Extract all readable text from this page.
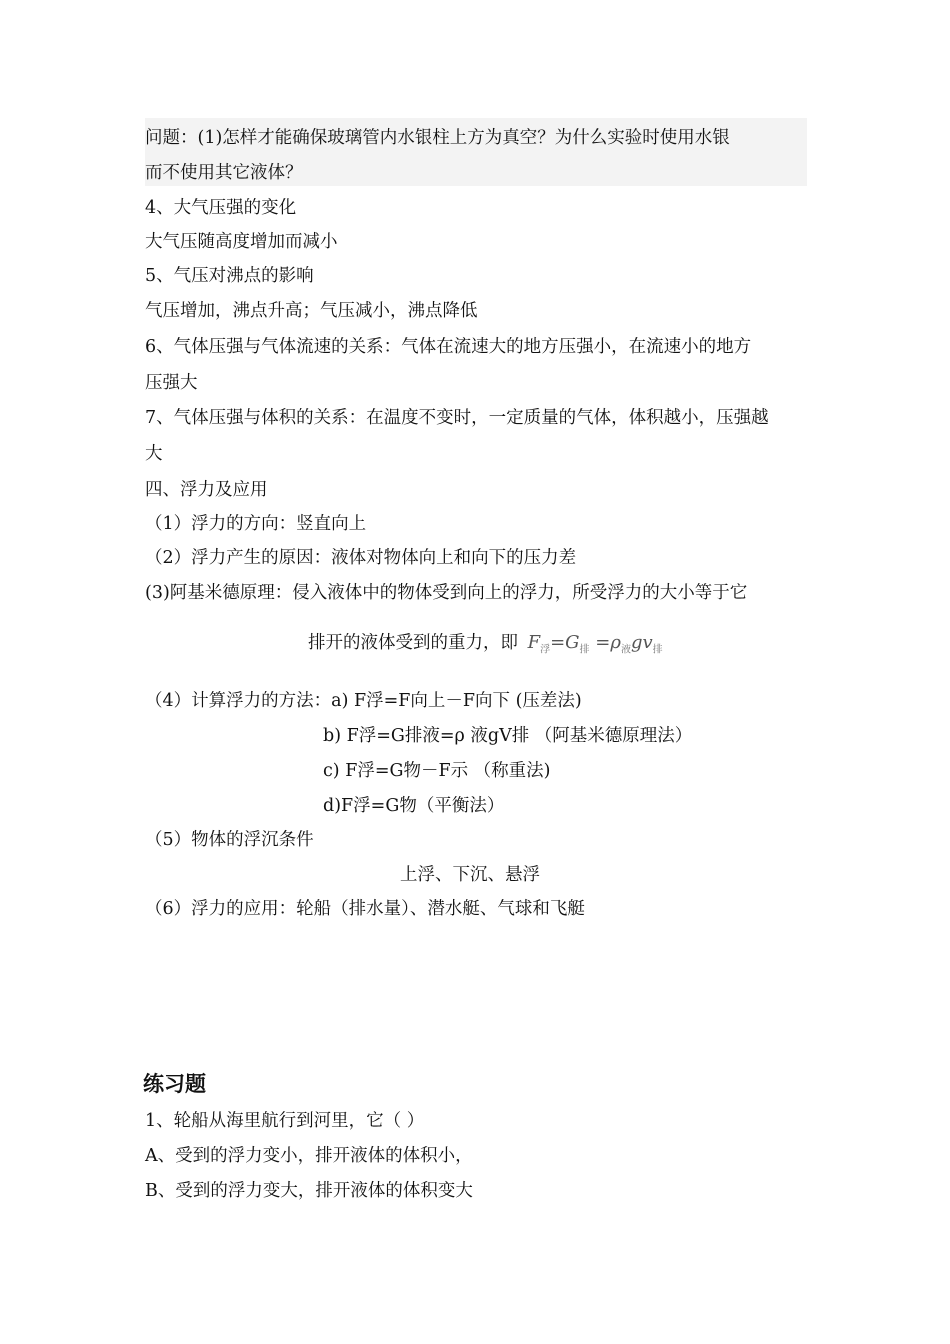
问题：(1)怎样才能确保玻璃管内水银柱上方为真空？为什么实验时使用水银
而不使用其它液体？
4、大气压强的变化
大气压随高度增加而减小
5、气压对沸点的影响
气压增加，沸点升高；气压减小，沸点降低
6、气体压强与气体流速的关系：气体在流速大的地方压强小，在流速小的地方
压强大
7、气体压强与体积的关系：在温度不变时，一定质量的气体，体积越小，压强越
大
四、浮力及应用
（1）浮力的方向：竖直向上
（2）浮力产生的原因：液体对物体向上和向下的压力差
(3)阿基米德原理：侵入液体中的物体受到向上的浮力，所受浮力的大小等于它
排开的液体受到的重力，即 $F_浮=G_排 =\rho_液gv_排$
（4）计算浮力的方法：a) F浮=F向上－F向下 (压差法)
b) F浮=G排液=ρ 液gV排 （阿基米德原理法）
c) F浮=G物－F示 （称重法)
d)F浮=G物（平衡法）
（5）物体的浮沉条件
上浮、下沉、悬浮
（6）浮力的应用：轮船（排水量）、潜水艇、气球和飞艇
练习题
1、轮船从海里航行到河里，它（ ）
A、受到的浮力变小，排开液体的体积小，
B、受到的浮力变大，排开液体的体积变大
